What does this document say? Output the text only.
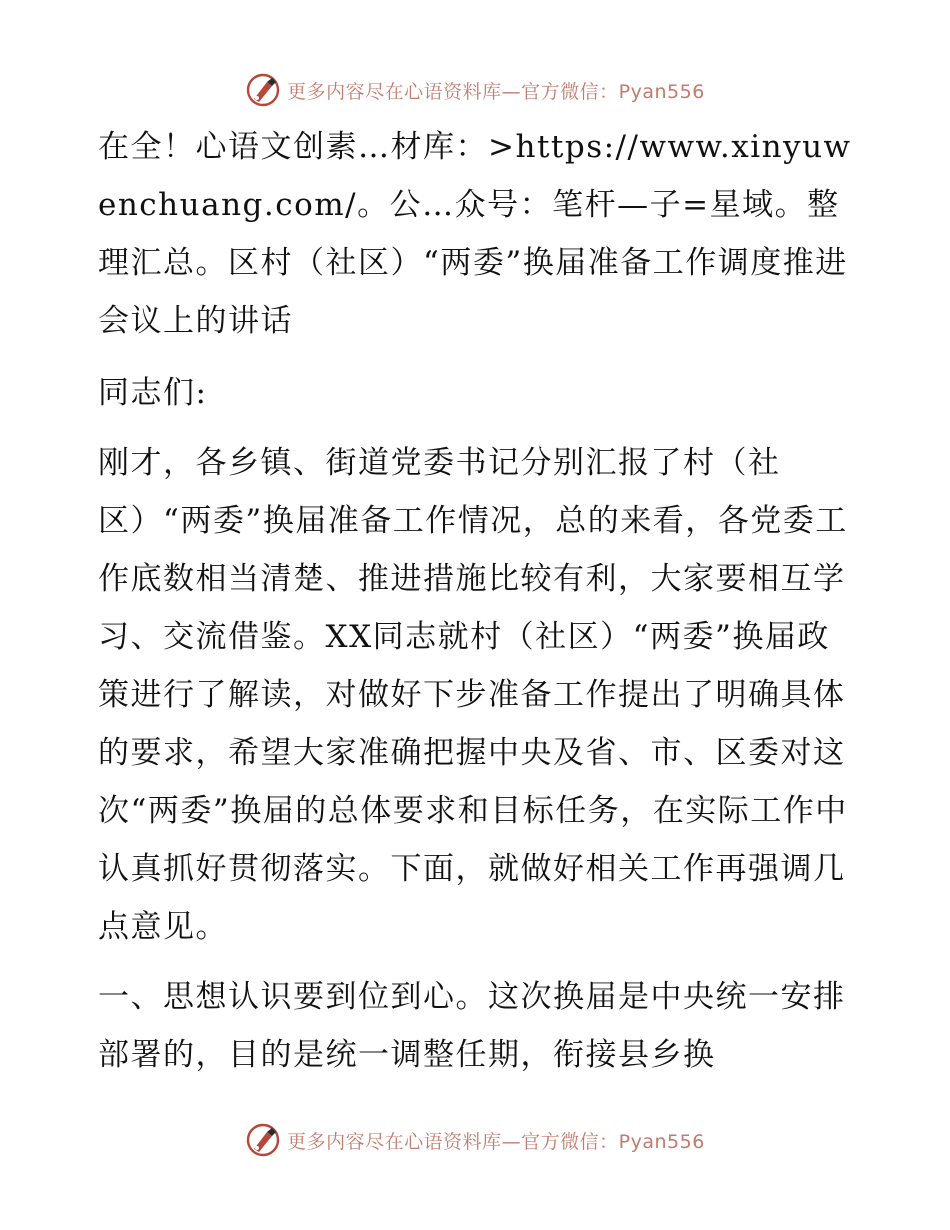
更多内容尽在心语资料库—官方微信：Pyan556

在全！心语文创素…材库：>https://www.xinyuwenchuang.com/。公…众号：笔杆—子=星域。整理汇总。区村（社区）“两委”换届准备工作调度推进会议上的讲话

同志们:

刚才，各乡镇、街道党委书记分别汇报了村（社区）“两委”换届准备工作情况，总的来看，各党委工作底数相当清楚、推进措施比较有利，大家要相互学习、交流借鉴。XX同志就村（社区）“两委”换届政策进行了解读，对做好下步准备工作提出了明确具体的要求，希望大家准确把握中央及省、市、区委对这次“两委”换届的总体要求和目标任务，在实际工作中认真抓好贯彻落实。下面，就做好相关工作再强调几点意见。

一、思想认识要到位到心。这次换届是中央统一安排部署的，目的是统一调整任期，衔接县乡换

更多内容尽在心语资料库—官方微信：Pyan556
